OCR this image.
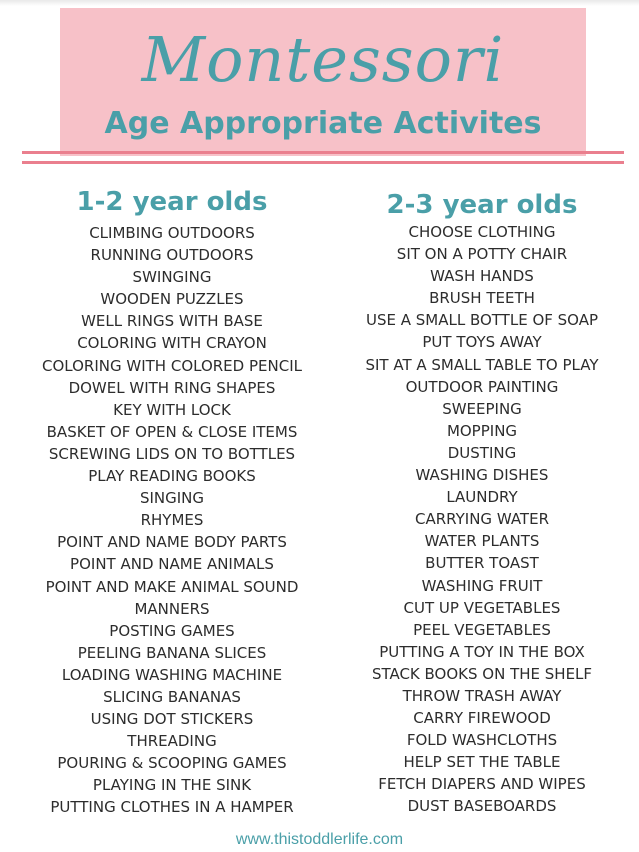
Montessori
Age Appropriate Activites
1-2 year olds	2-3 year olds
CLIMBING OUTDOORS
RUNNING OUTDOORS
SWINGING
WOODEN PUZZLES
WELL RINGS WITH BASE
COLORING WITH CRAYON
COLORING WITH COLORED PENCIL
DOWEL WITH RING SHAPES
KEY WITH LOCK
BASKET OF OPEN & CLOSE ITEMS
SCREWING LIDS ON TO BOTTLES
PLAY READING BOOKS
SINGING
RHYMES
POINT AND NAME BODY PARTS
POINT AND NAME ANIMALS
POINT AND MAKE ANIMAL SOUND
MANNERS
POSTING GAMES
PEELING BANANA SLICES
LOADING WASHING MACHINE
SLICING BANANAS
USING DOT STICKERS
THREADING
POURING & SCOOPING GAMES
PLAYING IN THE SINK
PUTTING CLOTHES IN A HAMPER
CHOOSE CLOTHING
SIT ON A POTTY CHAIR
WASH HANDS
BRUSH TEETH
USE A SMALL BOTTLE OF SOAP
PUT TOYS AWAY
SIT AT A SMALL TABLE TO PLAY
OUTDOOR PAINTING
SWEEPING
MOPPING
DUSTING
WASHING DISHES
LAUNDRY
CARRYING WATER
WATER PLANTS
BUTTER TOAST
WASHING FRUIT
CUT UP VEGETABLES
PEEL VEGETABLES
PUTTING A TOY IN THE BOX
STACK BOOKS ON THE SHELF
THROW TRASH AWAY
CARRY FIREWOOD
FOLD WASHCLOTHS
HELP SET THE TABLE
FETCH DIAPERS AND WIPES
DUST BASEBOARDS
www.thistoddlerlife.com
